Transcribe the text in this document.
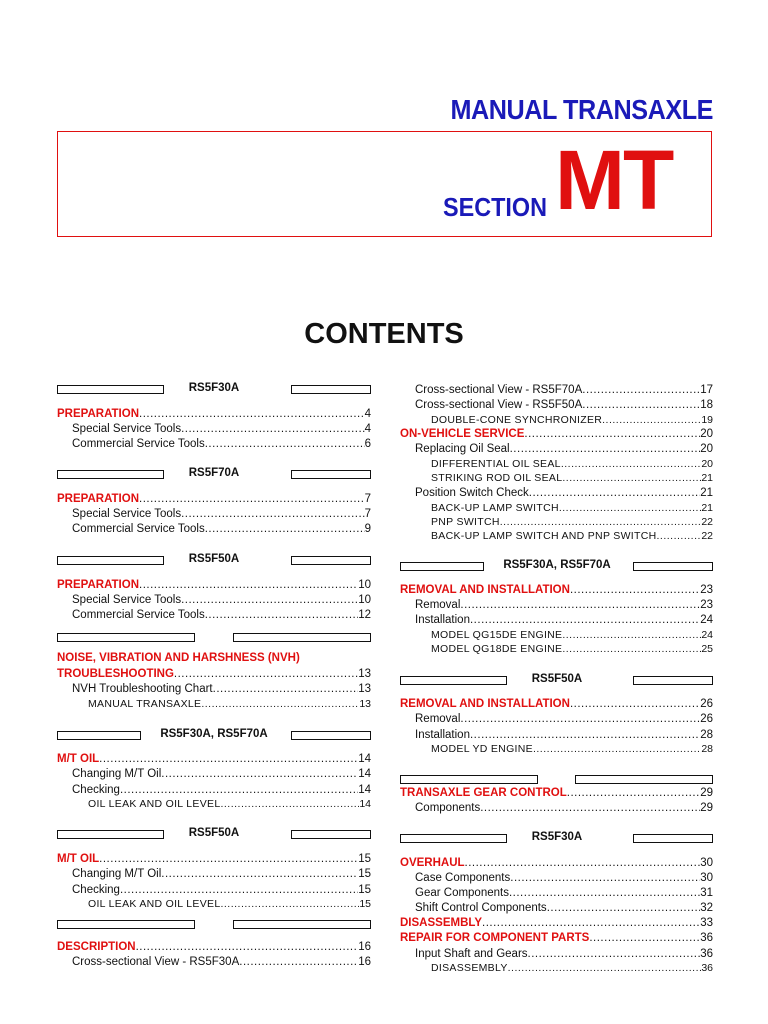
MANUAL TRANSAXLE
SECTION MT
CONTENTS
RS5F30A
PREPARATION .....	4
Special Service Tools .....	4
Commercial Service Tools .....	6
RS5F70A
PREPARATION .....	7
Special Service Tools .....	7
Commercial Service Tools .....	9
RS5F50A
PREPARATION .....	10
Special Service Tools .....	10
Commercial Service Tools .....	12
NOISE, VIBRATION AND HARSHNESS (NVH)
TROUBLESHOOTING .....	13
NVH Troubleshooting Chart .....	13
MANUAL TRANSAXLE .....	13
RS5F30A, RS5F70A
M/T OIL .....	14
Changing M/T Oil .....	14
Checking .....	14
OIL LEAK AND OIL LEVEL .....	14
RS5F50A
M/T OIL .....	15
Changing M/T Oil .....	15
Checking .....	15
OIL LEAK AND OIL LEVEL .....	15
DESCRIPTION .....	16
Cross-sectional View - RS5F30A .....	16
Cross-sectional View - RS5F70A .....	17
Cross-sectional View - RS5F50A .....	18
DOUBLE-CONE SYNCHRONIZER .....	19
ON-VEHICLE SERVICE .....	20
Replacing Oil Seal .....	20
DIFFERENTIAL OIL SEAL .....	20
STRIKING ROD OIL SEAL .....	21
Position Switch Check .....	21
BACK-UP LAMP SWITCH .....	21
PNP SWITCH .....	22
BACK-UP LAMP SWITCH AND PNP SWITCH .....	22
RS5F30A, RS5F70A
REMOVAL AND INSTALLATION .....	23
Removal .....	23
Installation .....	24
MODEL QG15DE ENGINE .....	24
MODEL QG18DE ENGINE .....	25
RS5F50A
REMOVAL AND INSTALLATION .....	26
Removal .....	26
Installation .....	28
MODEL YD ENGINE .....	28
TRANSAXLE GEAR CONTROL .....	29
Components .....	29
RS5F30A
OVERHAUL .....	30
Case Components .....	30
Gear Components .....	31
Shift Control Components .....	32
DISASSEMBLY .....	33
REPAIR FOR COMPONENT PARTS .....	36
Input Shaft and Gears .....	36
DISASSEMBLY .....	36
